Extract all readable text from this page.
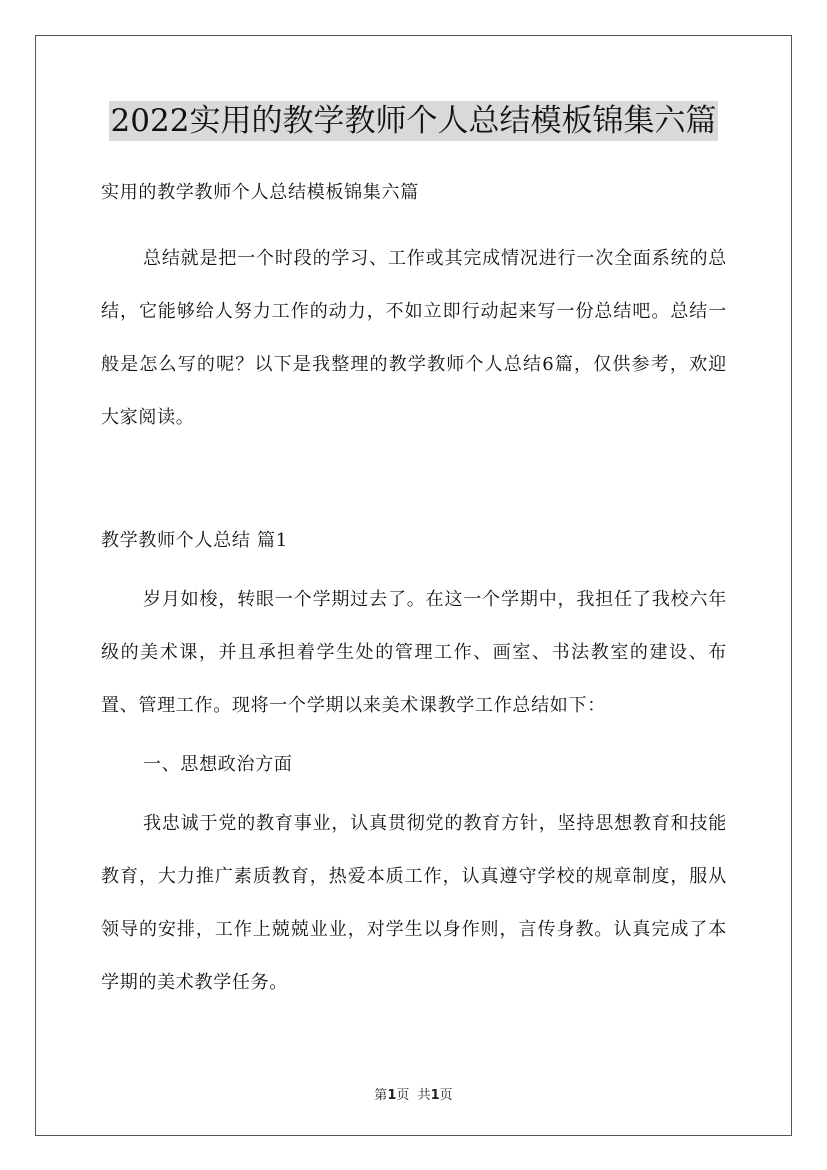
2022实用的教学教师个人总结模板锦集六篇

实用的教学教师个人总结模板锦集六篇

总结就是把一个时段的学习、工作或其完成情况进行一次全面系统的总结，它能够给人努力工作的动力，不如立即行动起来写一份总结吧。总结一般是怎么写的呢？以下是我整理的教学教师个人总结6篇，仅供参考，欢迎大家阅读。

教学教师个人总结 篇1

岁月如梭，转眼一个学期过去了。在这一个学期中，我担任了我校六年级的美术课，并且承担着学生处的管理工作、画室、书法教室的建设、布置、管理工作。现将一个学期以来美术课教学工作总结如下：

一、思想政治方面

我忠诚于党的教育事业，认真贯彻党的教育方针，坚持思想教育和技能教育，大力推广素质教育，热爱本质工作，认真遵守学校的规章制度，服从领导的安排，工作上兢兢业业，对学生以身作则，言传身教。认真完成了本学期的美术教学任务。

第1页  共1页
